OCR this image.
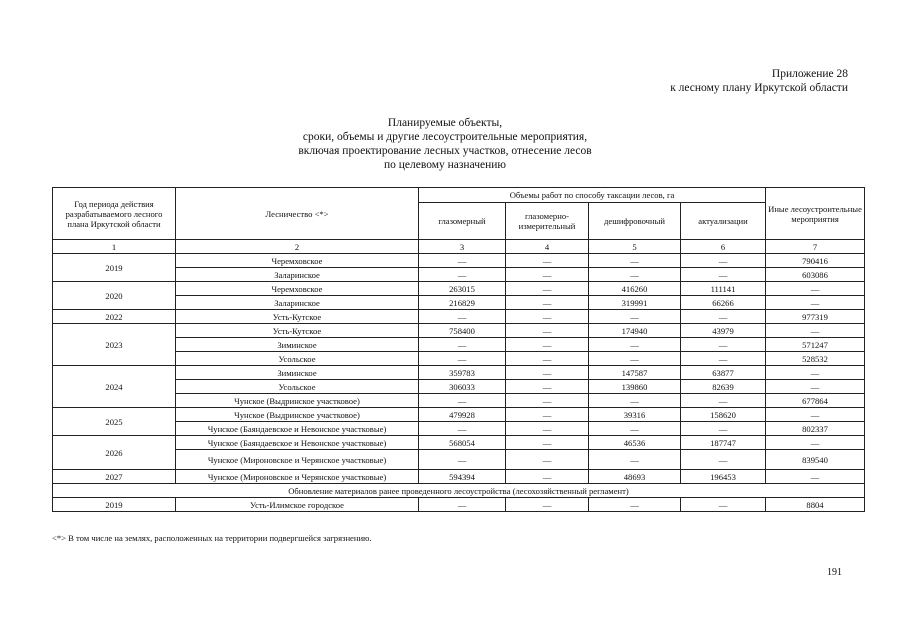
Приложение 28
к лесному плану Иркутской области
Планируемые объекты,
сроки, объемы и другие лесоустроительные мероприятия,
включая проектирование лесных участков, отнесение лесов
по целевому назначению
Год периода действия разрабатываемого лесного плана Иркутской области	Лесничество <*>	Объемы работ по способу таксации лесов, га				Иные лесоустроительные мероприятия
		глазомерный	глазомерно-измерительный	дешифровочный	актуализации	
1	2	3	4	5	6	7
2019	Черемховское	—	—	—	—	790416
	Заларинское	—	—	—	—	603086
2020	Черемховское	263015	—	416260	111141	—
	Заларинское	216829	—	319991	66266	—
2022	Усть-Кутское	—	—	—	—	977319
2023	Усть-Кутское	758400	—	174940	43979	—
	Зиминское	—	—	—	—	571247
	Усольское	—	—	—	—	528532
2024	Зиминское	359783	—	147587	63877	—
	Усольское	306033	—	139860	82639	—
	Чунское (Выдринское участковое)	—	—	—	—	677864
2025	Чунское (Выдринское участковое)	479928	—	39316	158620	—
	Чунское (Баяндаевское и Невонское участковые)	—	—	—	—	802337
2026	Чунское (Баяндаевское и Невонское участковые)	568054	—	46536	187747	—
	Чунское (Мироновское и Черянское участковые)	—	—	—	—	839540
2027	Чунское (Мироновское и Черянское участковые)	594394	—	48693	196453	—
Обновление материалов ранее проведенного лесоустройства (лесохозяйственный регламент)						
2019	Усть-Илимское городское	—	—	—	—	8804
<*> В том числе на землях, расположенных на территории подвергшейся загрязнению.
191
